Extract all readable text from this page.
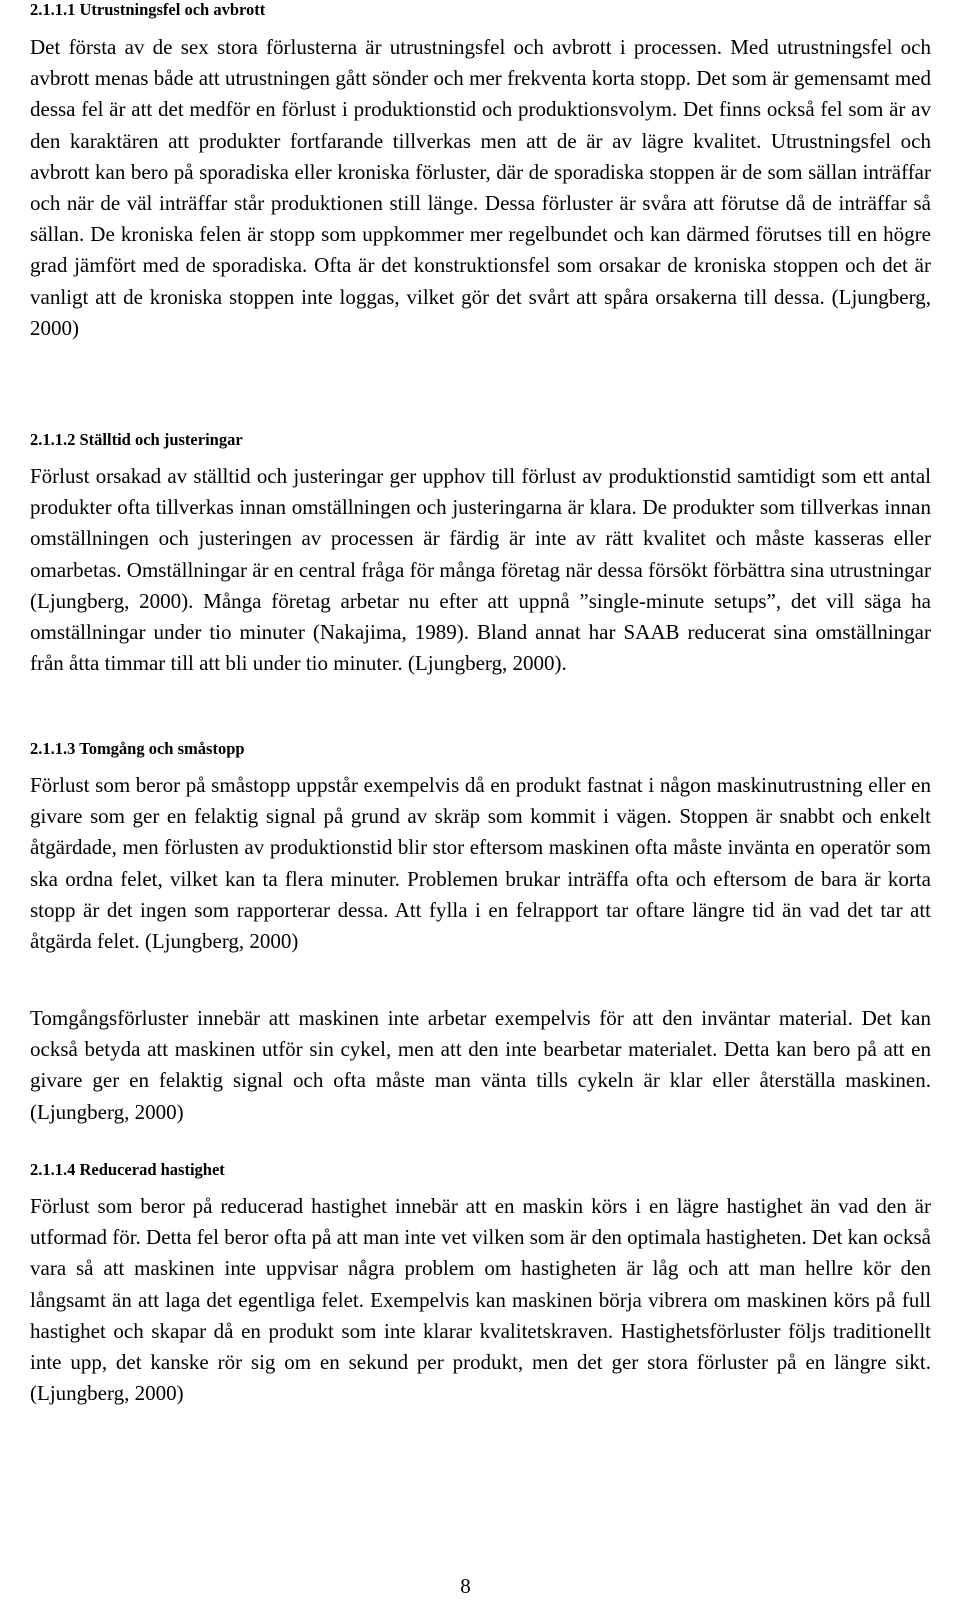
2.1.1.1 Utrustningsfel och avbrott

Det första av de sex stora förlusterna är utrustningsfel och avbrott i processen. Med utrustningsfel och avbrott menas både att utrustningen gått sönder och mer frekventa korta stopp. Det som är gemensamt med dessa fel är att det medför en förlust i produktionstid och produktionsvolym. Det finns också fel som är av den karaktären att produkter fortfarande tillverkas men att de är av lägre kvalitet. Utrustningsfel och avbrott kan bero på sporadiska eller kroniska förluster, där de sporadiska stoppen är de som sällan inträffar och när de väl inträffar står produktionen still länge. Dessa förluster är svåra att förutse då de inträffar så sällan. De kroniska felen är stopp som uppkommer mer regelbundet och kan därmed förutses till en högre grad jämfört med de sporadiska. Ofta är det konstruktionsfel som orsakar de kroniska stoppen och det är vanligt att de kroniska stoppen inte loggas, vilket gör det svårt att spåra orsakerna till dessa. (Ljungberg, 2000)

2.1.1.2 Ställtid och justeringar

Förlust orsakad av ställtid och justeringar ger upphov till förlust av produktionstid samtidigt som ett antal produkter ofta tillverkas innan omställningen och justeringarna är klara. De produkter som tillverkas innan omställningen och justeringen av processen är färdig är inte av rätt kvalitet och måste kasseras eller omarbetas. Omställningar är en central fråga för många företag när dessa försökt förbättra sina utrustningar (Ljungberg, 2000). Många företag arbetar nu efter att uppnå ”single-minute setups”, det vill säga ha omställningar under tio minuter (Nakajima, 1989). Bland annat har SAAB reducerat sina omställningar från åtta timmar till att bli under tio minuter. (Ljungberg, 2000).

2.1.1.3 Tomgång och småstopp

Förlust som beror på småstopp uppstår exempelvis då en produkt fastnat i någon maskinutrustning eller en givare som ger en felaktig signal på grund av skräp som kommit i vägen. Stoppen är snabbt och enkelt åtgärdade, men förlusten av produktionstid blir stor eftersom maskinen ofta måste invänta en operatör som ska ordna felet, vilket kan ta flera minuter. Problemen brukar inträffa ofta och eftersom de bara är korta stopp är det ingen som rapporterar dessa. Att fylla i en felrapport tar oftare längre tid än vad det tar att åtgärda felet. (Ljungberg, 2000)

Tomgångsförluster innebär att maskinen inte arbetar exempelvis för att den inväntar material. Det kan också betyda att maskinen utför sin cykel, men att den inte bearbetar materialet. Detta kan bero på att en givare ger en felaktig signal och ofta måste man vänta tills cykeln är klar eller återställa maskinen. (Ljungberg, 2000)

2.1.1.4 Reducerad hastighet

Förlust som beror på reducerad hastighet innebär att en maskin körs i en lägre hastighet än vad den är utformad för. Detta fel beror ofta på att man inte vet vilken som är den optimala hastigheten. Det kan också vara så att maskinen inte uppvisar några problem om hastigheten är låg och att man hellre kör den långsamt än att laga det egentliga felet. Exempelvis kan maskinen börja vibrera om maskinen körs på full hastighet och skapar då en produkt som inte klarar kvalitetskraven. Hastighetsförluster följs traditionellt inte upp, det kanske rör sig om en sekund per produkt, men det ger stora förluster på en längre sikt. (Ljungberg, 2000)

8
